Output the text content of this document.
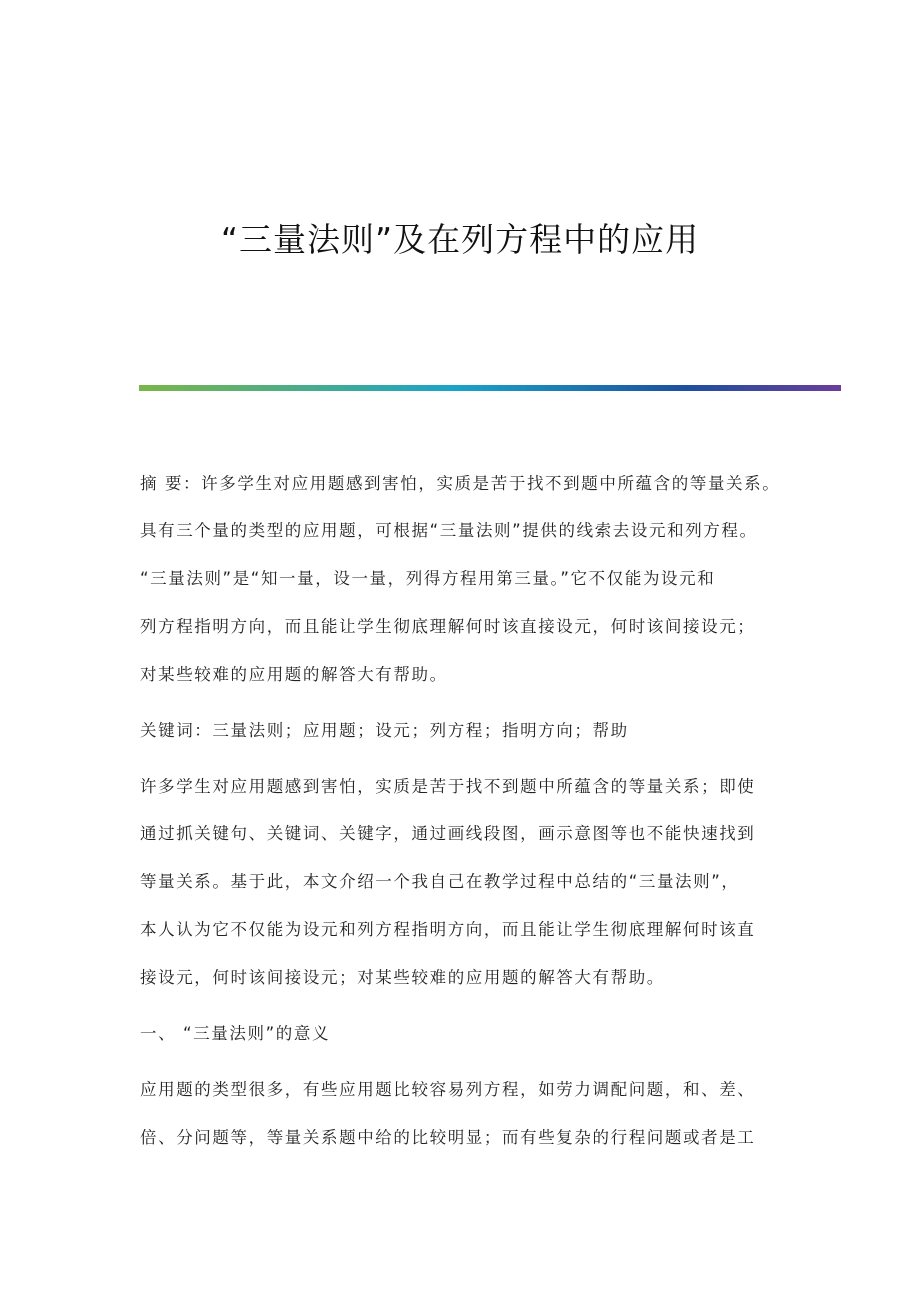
“三量法则”及在列方程中的应用
摘 要：许多学生对应用题感到害怕，实质是苦于找不到题中所蕴含的等量关系。
具有三个量的类型的应用题，可根据“三量法则”提供的线索去设元和列方程。
“三量法则”是“知一量，设一量，列得方程用第三量。”它不仅能为设元和
列方程指明方向，而且能让学生彻底理解何时该直接设元，何时该间接设元；
对某些较难的应用题的解答大有帮助。
关键词：三量法则；应用题；设元；列方程；指明方向；帮助
许多学生对应用题感到害怕，实质是苦于找不到题中所蕴含的等量关系；即使
通过抓关键句、关键词、关键字，通过画线段图，画示意图等也不能快速找到
等量关系。基于此，本文介绍一个我自己在教学过程中总结的“三量法则”，
本人认为它不仅能为设元和列方程指明方向，而且能让学生彻底理解何时该直
接设元，何时该间接设元；对某些较难的应用题的解答大有帮助。
一、 “三量法则”的意义
应用题的类型很多，有些应用题比较容易列方程，如劳力调配问题，和、差、
倍、分问题等，等量关系题中给的比较明显；而有些复杂的行程问题或者是工
